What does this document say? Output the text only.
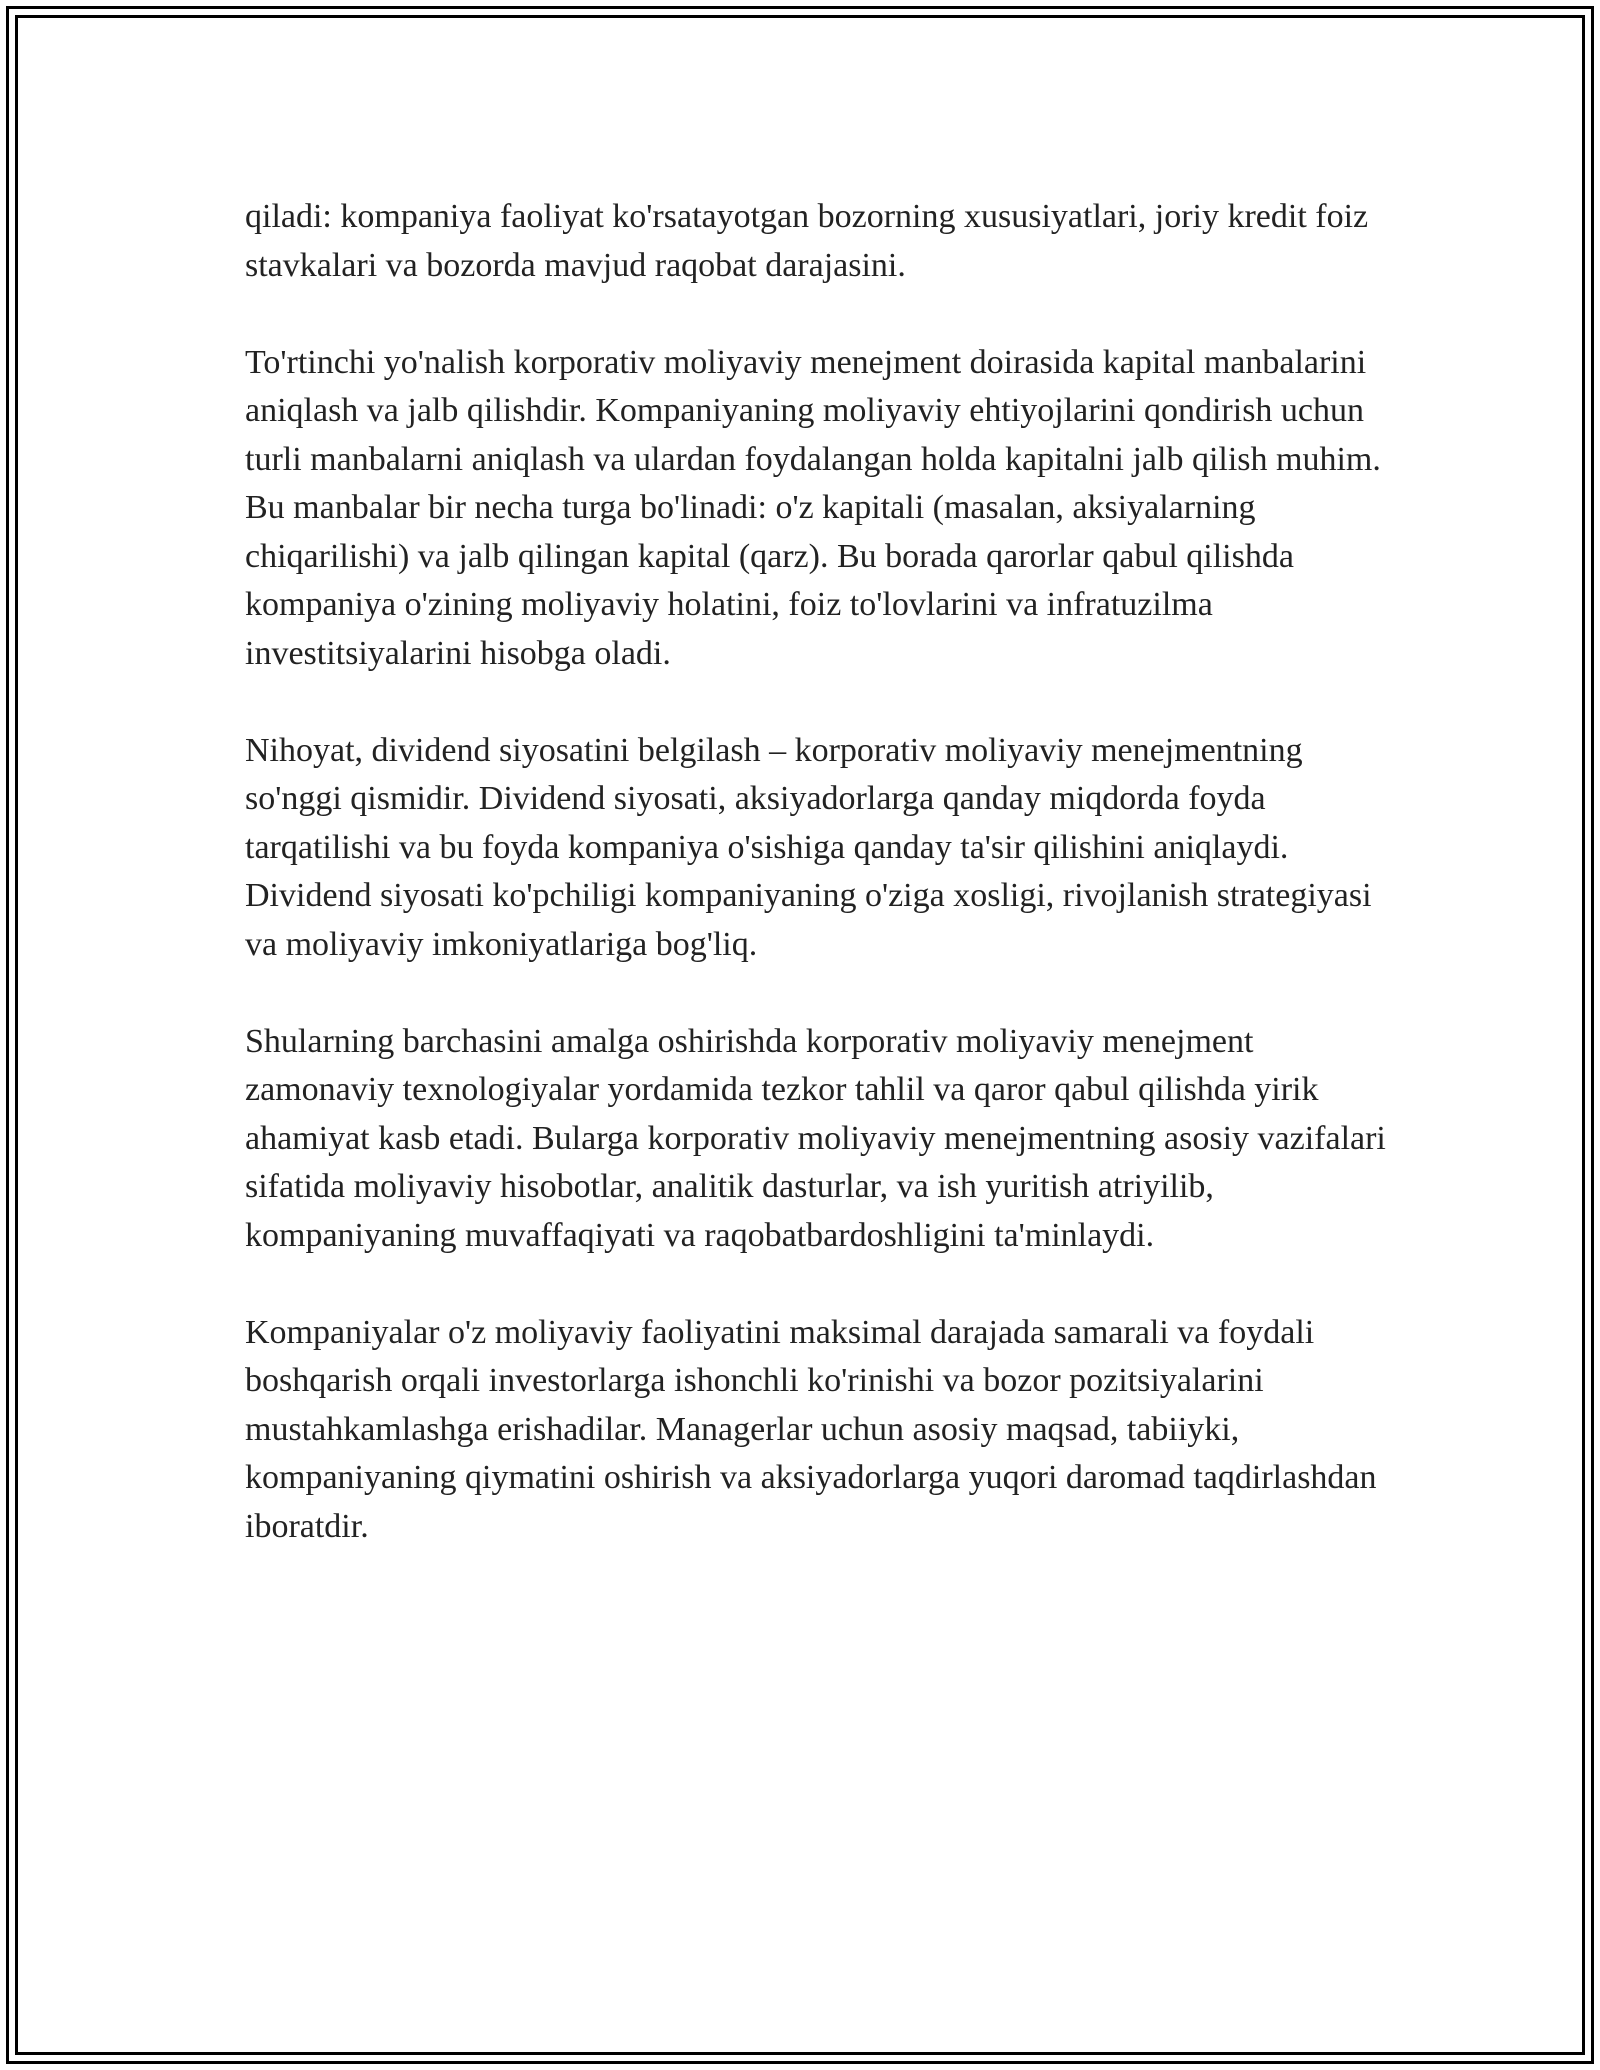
qiladi: kompaniya faoliyat ko'rsatayotgan bozorning xususiyatlari, joriy kredit foiz stavkalari va bozorda mavjud raqobat darajasini.

To'rtinchi yo'nalish korporativ moliyaviy menejment doirasida kapital manbalarini aniqlash va jalb qilishdir. Kompaniyaning moliyaviy ehtiyojlarini qondirish uchun turli manbalarni aniqlash va ulardan foydalangan holda kapitalni jalb qilish muhim. Bu manbalar bir necha turga bo'linadi: o'z kapitali (masalan, aksiyalarning chiqarilishi) va jalb qilingan kapital (qarz). Bu borada qarorlar qabul qilishda kompaniya o'zining moliyaviy holatini, foiz to'lovlarini va infratuzilma investitsiyalarini hisobga oladi.

Nihoyat, dividend siyosatini belgilash – korporativ moliyaviy menejmentning so'nggi qismidir. Dividend siyosati, aksiyadorlarga qanday miqdorda foyda tarqatilishi va bu foyda kompaniya o'sishiga qanday ta'sir qilishini aniqlaydi. Dividend siyosati ko'pchiligi kompaniyaning o'ziga xosligi, rivojlanish strategiyasi va moliyaviy imkoniyatlariga bog'liq.

Shularning barchasini amalga oshirishda korporativ moliyaviy menejment zamonaviy texnologiyalar yordamida tezkor tahlil va qaror qabul qilishda yirik ahamiyat kasb etadi. Bularga korporativ moliyaviy menejmentning asosiy vazifalari sifatida moliyaviy hisobotlar, analitik dasturlar, va ish yuritish atriyilib, kompaniyaning muvaffaqiyati va raqobatbardoshligini ta'minlaydi.

Kompaniyalar o'z moliyaviy faoliyatini maksimal darajada samarali va foydali boshqarish orqali investorlarga ishonchli ko'rinishi va bozor pozitsiyalarini mustahkamlashga erishadilar. Managerlar uchun asosiy maqsad, tabiiyki, kompaniyaning qiymatini oshirish va aksiyadorlarga yuqori daromad taqdirlashdan iboratdir.
